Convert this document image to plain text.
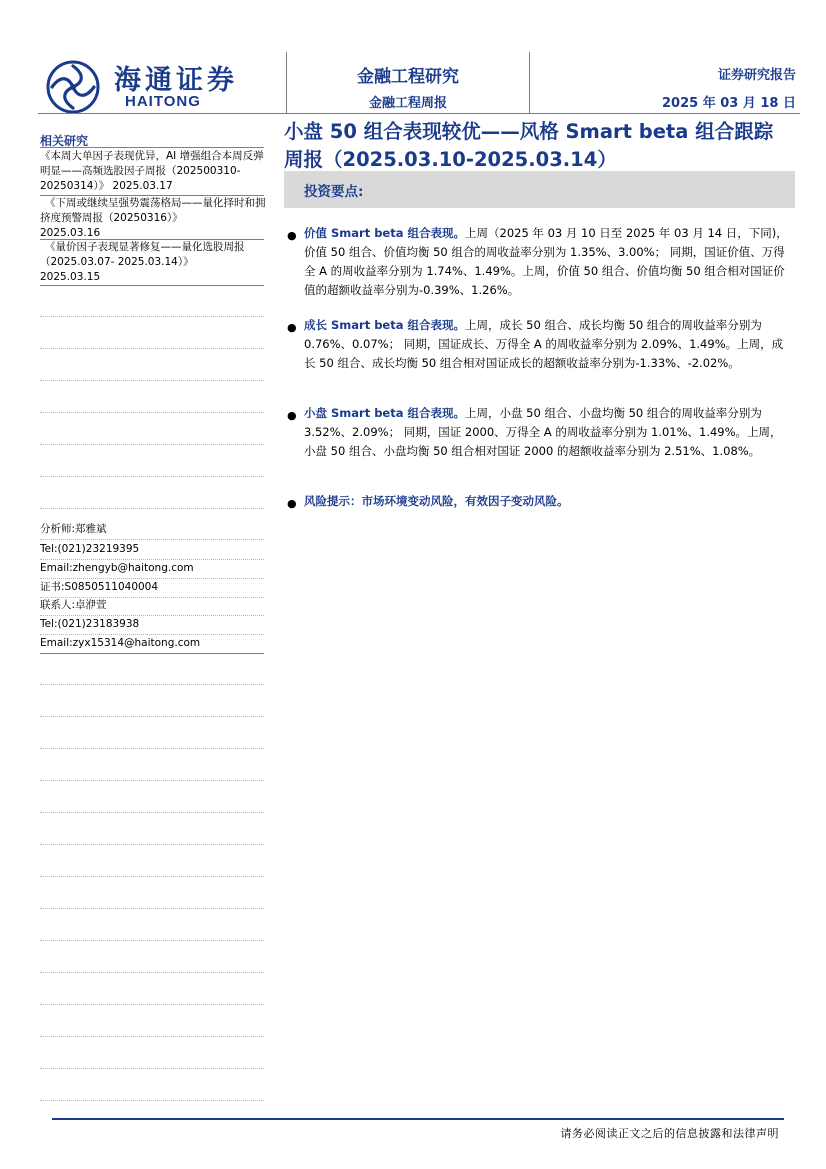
海通证券
HAITONG
金融工程研究
金融工程周报
证券研究报告
2025 年 03 月 18 日
相关研究
《本周大单因子表现优异，AI 增强组合本周反弹明显——高频选股因子周报（202500310-20250314）》 2025.03.17
《下周或继续呈强势震荡格局——量化择时和拥挤度预警周报（20250316）》
2025.03.16
《量价因子表现显著修复——量化选股周报（2025.03.07- 2025.03.14）》
2025.03.15
分析师:郑雅斌
Tel:(021)23219395
Email:zhengyb@haitong.com
证书:S0850511040004
联系人:卓洢萱
Tel:(021)23183938
Email:zyx15314@haitong.com
小盘 50 组合表现较优——风格 Smart beta 组合跟踪
周报（2025.03.10-2025.03.14）
投资要点:
● 价值 Smart beta 组合表现。上周（2025 年 03 月 10 日至 2025 年 03 月 14 日，下同)，价值 50 组合、价值均衡 50 组合的周收益率分别为 1.35%、3.00%； 同期，国证价值、万得全 A 的周收益率分别为 1.74%、1.49%。上周，价值 50 组合、价值均衡 50 组合相对国证价值的超额收益率分别为-0.39%、1.26%。
● 成长 Smart beta 组合表现。上周，成长 50 组合、成长均衡 50 组合的周收益率分别为 0.76%、0.07%； 同期，国证成长、万得全 A 的周收益率分别为 2.09%、1.49%。上周，成长 50 组合、成长均衡 50 组合相对国证成长的超额收益率分别为-1.33%、-2.02%。
● 小盘 Smart beta 组合表现。上周，小盘 50 组合、小盘均衡 50 组合的周收益率分别为 3.52%、2.09%； 同期，国证 2000、万得全 A 的周收益率分别为 1.01%、1.49%。上周，小盘 50 组合、小盘均衡 50 组合相对国证 2000 的超额收益率分别为 2.51%、1.08%。
● 风险提示：市场环境变动风险，有效因子变动风险。
请务必阅读正文之后的信息披露和法律声明
